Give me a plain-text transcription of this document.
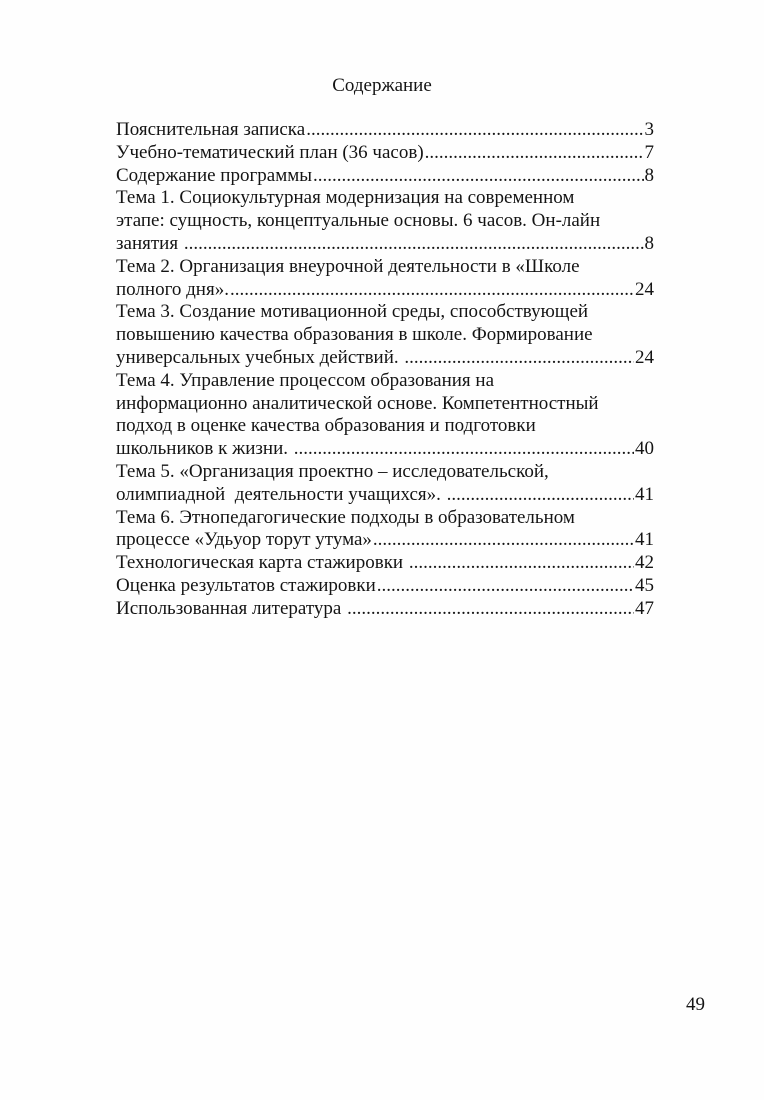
Содержание
Пояснительная записка .....	3
Учебно-тематический план (36 часов) .....	7
Содержание программы .....	8
Тема 1. Социокультурная модернизация на современном
этапе: сущность, концептуальные основы. 6 часов. Он-лайн
занятия .....	8
Тема 2. Организация внеурочной деятельности в «Школе
полного дня». .....	24
Тема 3. Создание мотивационной среды, способствующей
повышению качества образования в школе. Формирование
универсальных учебных действий. .....	24
Тема 4. Управление процессом образования на
информационно аналитической основе. Компетентностный
подход в оценке качества образования и подготовки
школьников к жизни. .....	40
Тема 5. «Организация проектно – исследовательской,
олимпиадной  деятельности учащихся». .....	41
Тема 6. Этнопедагогические подходы в образовательном
процессе «Удьуор торут утума» .....	41
Технологическая карта стажировки .....	42
Оценка результатов стажировки .....	45
Использованная литература .....	47
49
